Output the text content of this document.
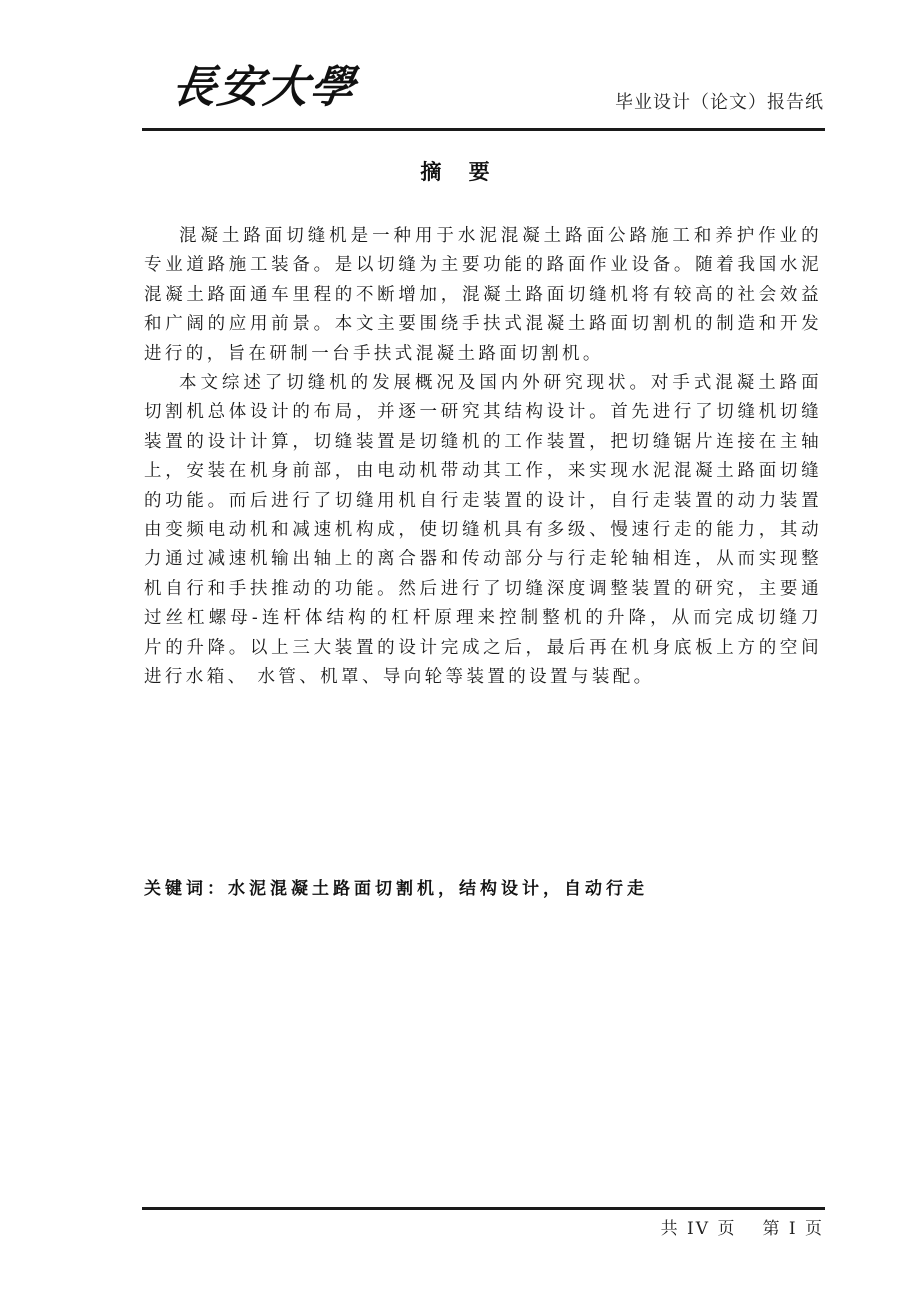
長安大學	毕业设计（论文）报告纸
摘 要

混凝土路面切缝机是一种用于水泥混凝土路面公路施工和养护作业的专业道路施工装备。是以切缝为主要功能的路面作业设备。随着我国水泥混凝土路面通车里程的不断增加，混凝土路面切缝机将有较高的社会效益和广阔的应用前景。本文主要围绕手扶式混凝土路面切割机的制造和开发进行的，旨在研制一台手扶式混凝土路面切割机。

本文综述了切缝机的发展概况及国内外研究现状。对手式混凝土路面切割机总体设计的布局，并逐一研究其结构设计。首先进行了切缝机切缝装置的设计计算，切缝装置是切缝机的工作装置，把切缝锯片连接在主轴上，安装在机身前部，由电动机带动其工作，来实现水泥混凝土路面切缝的功能。而后进行了切缝用机自行走装置的设计，自行走装置的动力装置由变频电动机和减速机构成，使切缝机具有多级、慢速行走的能力，其动力通过减速机输出轴上的离合器和传动部分与行走轮轴相连，从而实现整机自行和手扶推动的功能。然后进行了切缝深度调整装置的研究，主要通过丝杠螺母-连杆体结构的杠杆原理来控制整机的升降，从而完成切缝刀片的升降。以上三大装置的设计完成之后，最后再在机身底板上方的空间进行水箱、 水管、机罩、导向轮等装置的设置与装配。

关键词：水泥混凝土路面切割机，结构设计，自动行走
共 IV 页 第 I 页
